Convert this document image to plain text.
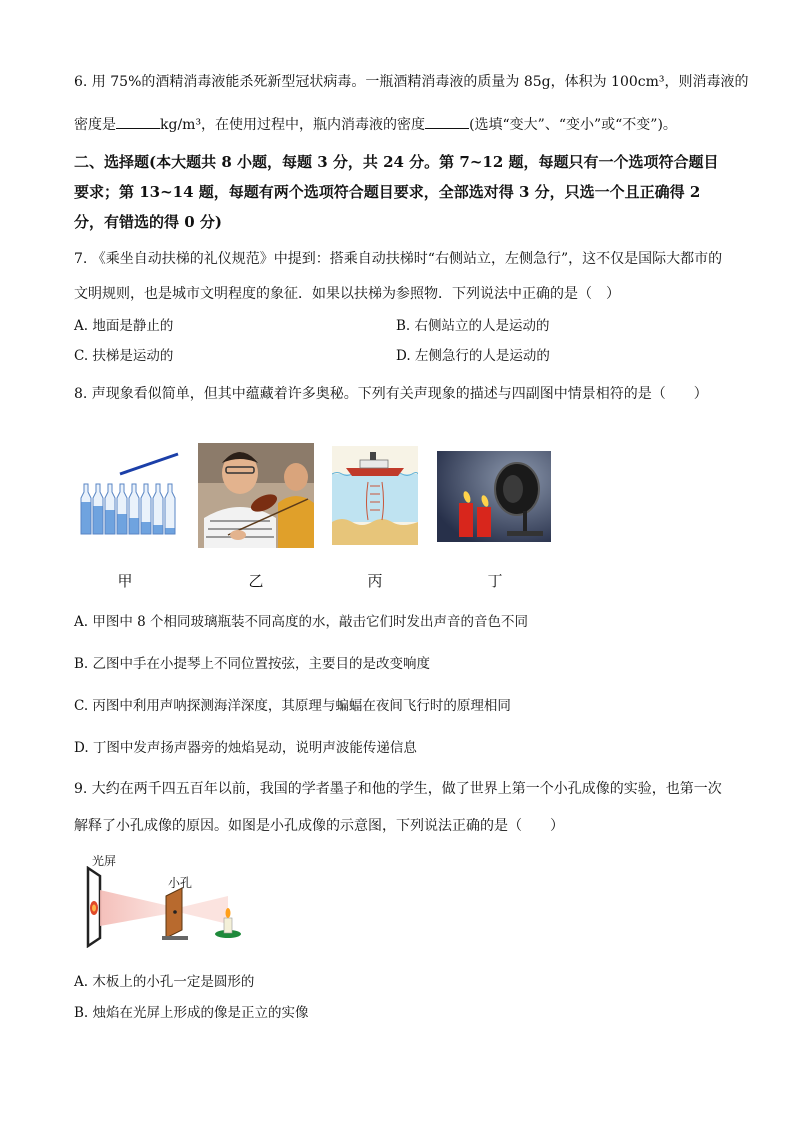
6. 用 75%的酒精消毒液能杀死新型冠状病毒。一瓶酒精消毒液的质量为 85g，体积为 100cm³，则消毒液的
密度是	kg/m³，在使用过程中，瓶内消毒液的密度	(选填“变大”、“变小”或“不变”)。
二、选择题(本大题共 8 小题，每题 3 分，共 24 分。第 7~12 题，每题只有一个选项符合题目
要求；第 13~14 题，每题有两个选项符合题目要求，全部选对得 3 分，只选一个且正确得 2
分，有错选的得 0 分)
7. 《乘坐自动扶梯的礼仪规范》中提到：搭乘自动扶梯时“右侧站立，左侧急行”，这不仅是国际大都市的
文明规则，也是城市文明程度的象征．如果以扶梯为参照物．下列说法中正确的是（　）
A. 地面是静止的	B. 右侧站立的人是运动的
C. 扶梯是运动的	D. 左侧急行的人是运动的
8. 声现象看似简单，但其中蕴藏着许多奥秘。下列有关声现象的描述与四副图中情景相符的是（　　）
甲	乙	丙	丁
A. 甲图中 8 个相同玻璃瓶装不同高度的水，敲击它们时发出声音的音色不同
B. 乙图中手在小提琴上不同位置按弦，主要目的是改变响度
C. 丙图中利用声呐探测海洋深度，其原理与蝙蝠在夜间飞行时的原理相同
D. 丁图中发声扬声器旁的烛焰晃动，说明声波能传递信息
9. 大约在两千四五百年以前，我国的学者墨子和他的学生，做了世界上第一个小孔成像的实验，也第一次
解释了小孔成像的原因。如图是小孔成像的示意图，下列说法正确的是（　　）
光屏
小孔
A. 木板上的小孔一定是圆形的
B. 烛焰在光屏上形成的像是正立的实像
